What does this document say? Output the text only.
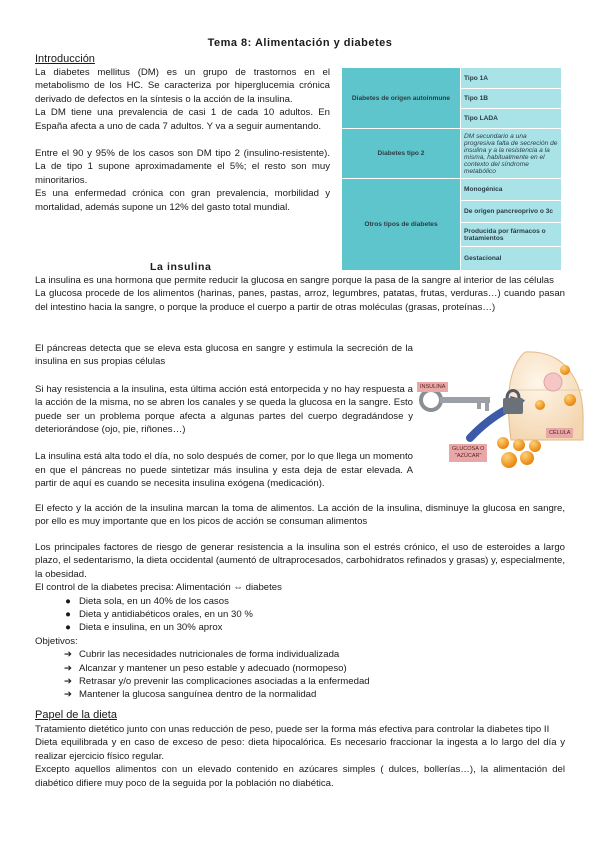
Tema 8: Alimentación y diabetes
Introducción

La diabetes mellitus (DM) es un grupo de trastornos en el metabolismo de los HC. Se caracteriza por hiperglucemia crónica derivado de defectos en la síntesis o la acción de la insulina.

La DM tiene una prevalencia de casi 1 de cada 10 adultos. En España afecta a uno de cada 7 adultos. Y va a seguir aumentando.

Entre el 90 y 95% de los casos son DM tipo 2 (insulino-resistente). La de tipo 1 supone aproximadamente el 5%; el resto son muy minoritarios.

Es una enfermedad crónica con gran prevalencia, morbilidad y mortalidad, además supone un 12% del gasto total mundial.

Diabetes de origen autoinmune	Tipo 1A
	Tipo 1B
	Tipo LADA
Diabetes tipo 2	DM secundario a una progresiva falta de secreción de insulina y a la resistencia a la misma, habitualmente en el contexto del síndrome metabólico
Otros tipos de diabetes	Monogénica
	De origen pancreoprivo o 3c
	Producida por fármacos o tratamientos
	Gestacional
La insulina

La insulina es una hormona que permite reducir la glucosa en sangre porque la pasa de la sangre al interior de las células

La glucosa procede de los alimentos (harinas, panes, pastas, arroz, legumbres, patatas, frutas, verduras…) cuando pasan del intestino hacia la sangre, o porque la produce el cuerpo a partir de otras moléculas (grasas, proteínas…)

El páncreas detecta que se eleva esta glucosa en sangre y estimula la secreción de la insulina en sus propias células

Si hay resistencia a la insulina, esta última acción está entorpecida y no hay respuesta a la acción de la misma, no se abren los canales y se queda la glucosa en la sangre. Esto puede ser un problema porque afecta a algunas partes del cuerpo degradándose y deteriorándose (ojo, pie, riñones…)

La insulina está alta todo el día, no solo después de comer, por lo que llega un momento en que el páncreas no puede sintetizar más insulina y esta deja de estar elevada. A partir de aquí es cuando se necesita insulina exógena (medicación).

El efecto y la acción de la insulina marcan la toma de alimentos. La acción de la insulina, disminuye la glucosa en sangre, por ello es muy importante que en los picos de acción se consuman alimentos

INSULINA
CÉLULA
GLUCOSA O
"AZÚCAR"

Los principales factores de riesgo de generar resistencia a la insulina son el estrés crónico, el uso de esteroides a largo plazo, el sedentarismo, la dieta occidental (aumentó de ultraprocesados, carbohidratos refinados y grasas) y, especialmente, la obesidad.

El control de la diabetes precisa: Alimentación ⇔ diabetes

● Dieta sola, en un 40% de los casos
● Dieta y antidiabéticos orales, en un 30 %
● Dieta e insulina, en un 30% aprox

Objetivos:

➔ Cubrir las necesidades nutricionales de forma individualizada
➔ Alcanzar y mantener un peso estable y adecuado (normopeso)
➔ Retrasar y/o prevenir las complicaciones asociadas a la enfermedad
➔ Mantener la glucosa sanguínea dentro de la normalidad
Papel de la dieta

Tratamiento dietético junto con unas reducción de peso, puede ser la forma más efectiva para controlar la diabetes tipo II

Dieta equilibrada y en caso de exceso de peso: dieta hipocalórica. Es necesario fraccionar la ingesta a lo largo del día y realizar ejercicio físico regular.

Excepto aquellos alimentos con un elevado contenido en azúcares simples ( dulces, bollerías…), la alimentación del diabético difiere muy poco de la seguida por la población no diabética.
